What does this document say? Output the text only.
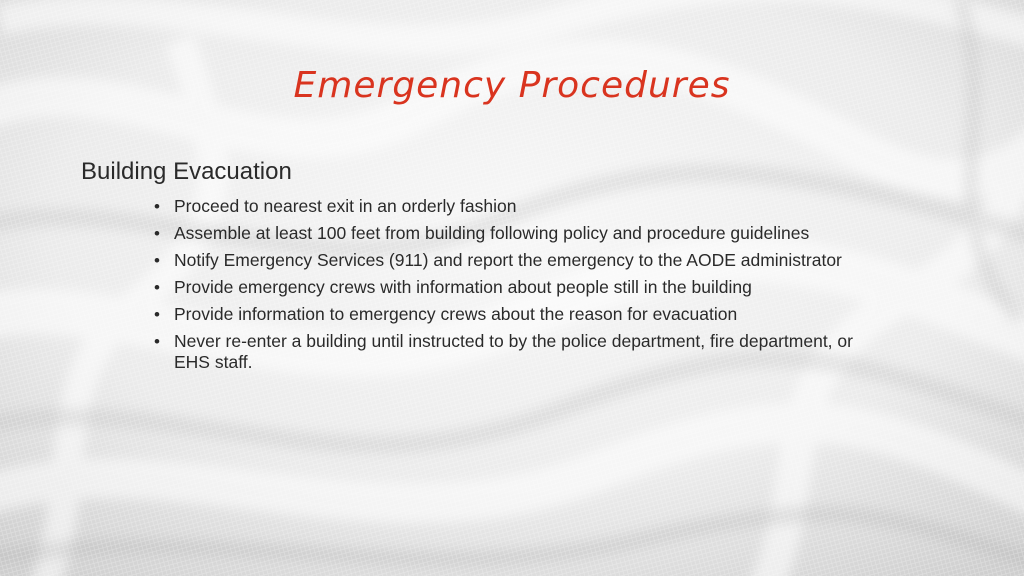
Emergency Procedures
Building Evacuation
• Proceed to nearest exit in an orderly fashion
• Assemble at least 100 feet from building following policy and procedure guidelines
• Notify Emergency Services (911) and report the emergency to the AODE administrator
• Provide emergency crews with information about people still in the building
• Provide information to emergency crews about the reason for evacuation
• Never re-enter a building until instructed to by the police department, fire department, or EHS staff.
